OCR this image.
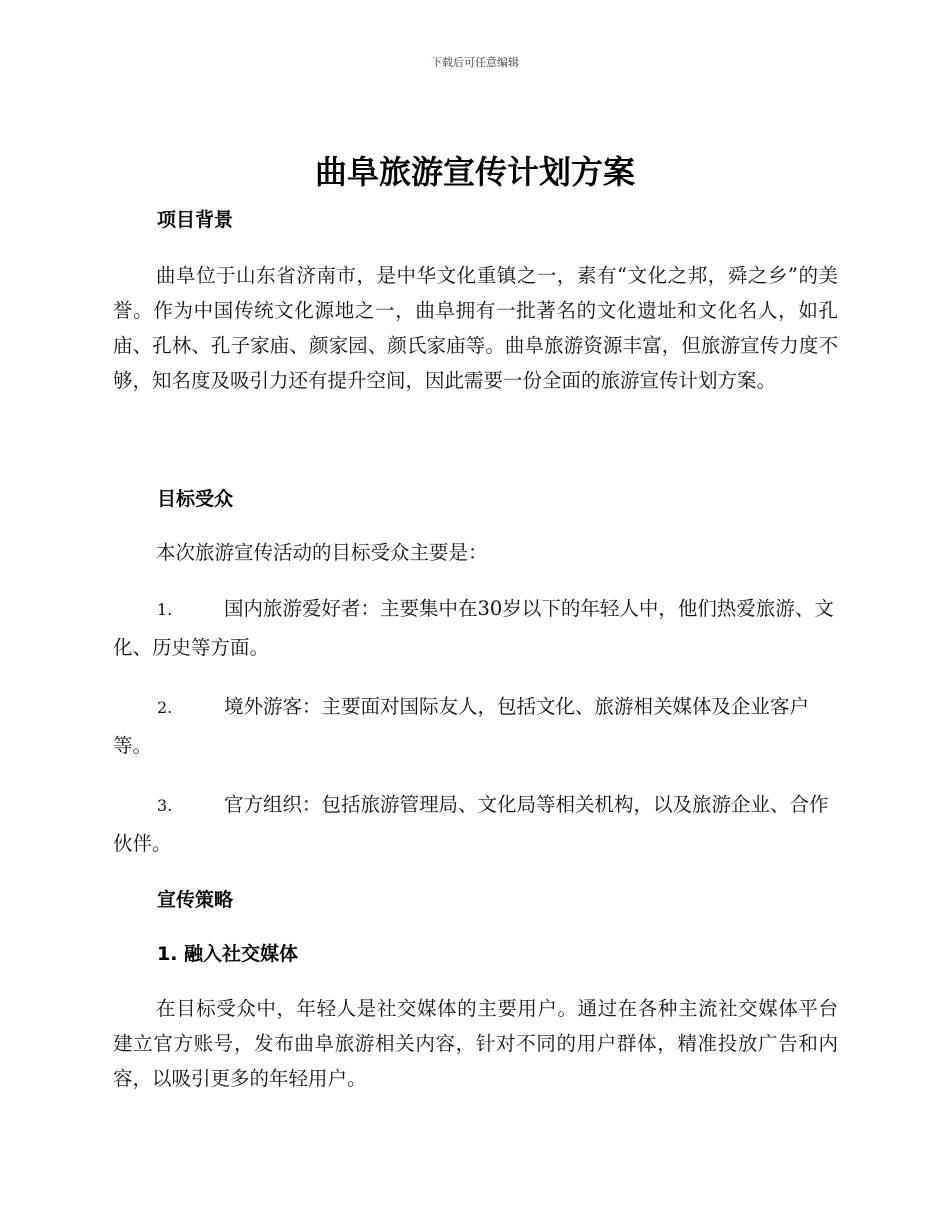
下载后可任意编辑
曲阜旅游宣传计划方案
项目背景

曲阜位于山东省济南市，是中华文化重镇之一，素有“文化之邦，舜之乡”的美誉。作为中国传统文化源地之一，曲阜拥有一批著名的文化遗址和文化名人，如孔庙、孔林、孔子家庙、颜家园、颜氏家庙等。曲阜旅游资源丰富，但旅游宣传力度不够，知名度及吸引力还有提升空间，因此需要一份全面的旅游宣传计划方案。

目标受众

本次旅游宣传活动的目标受众主要是：

1.	国内旅游爱好者：主要集中在30岁以下的年轻人中，他们热爱旅游、文化、历史等方面。
2.	境外游客：主要面对国际友人，包括文化、旅游相关媒体及企业客户等。
3.	官方组织：包括旅游管理局、文化局等相关机构，以及旅游企业、合作伙伴。
宣传策略
1. 融入社交媒体

在目标受众中，年轻人是社交媒体的主要用户。通过在各种主流社交媒体平台建立官方账号，发布曲阜旅游相关内容，针对不同的用户群体，精准投放广告和内容，以吸引更多的年轻用户。
